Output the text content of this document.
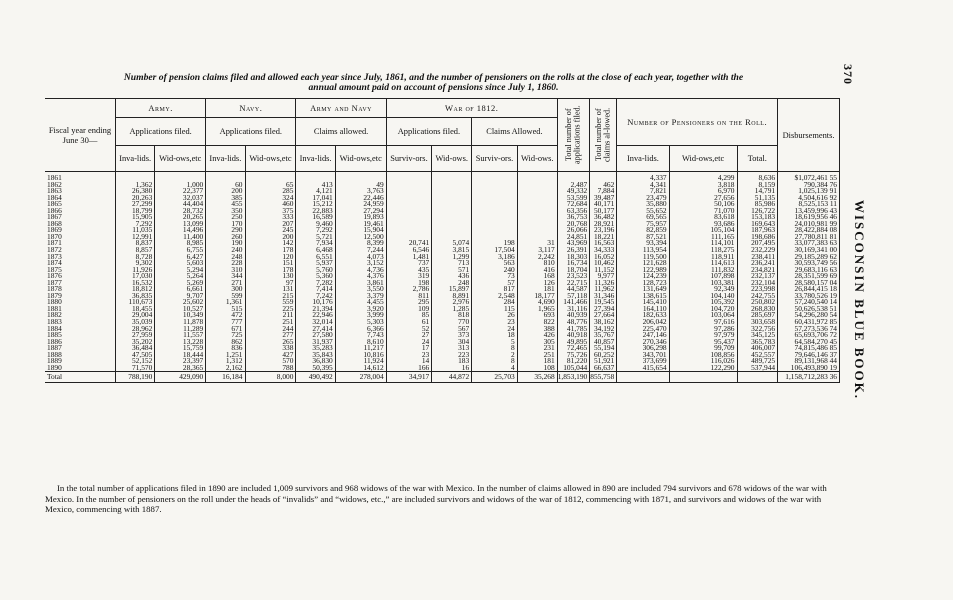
Number of pension claims filed and allowed each year since July, 1861, and the number of pensioners on the rolls at the close of each year, together with the
annual amount paid on account of pensions since July 1, 1860.
370
WISCONSIN BLUE BOOK.
Fiscal year ending June 30—	Army.		Navy.		Army and Navy		War of 1812.				Total number of applications filed.	Total number of claims al-lowed.	Number of Pensioners on the Roll.			Disbursements.
	Applications filed.		Applications filed.		Claims allowed.		Applications filed.		Claims Allowed.							
	Inva-lids.	Wid-ows,etc	Inva-lids.	Wid-ows,etc	Inva-lids.	Wid-ows,etc	Surviv-ors.	Wid-ows.	Surviv-ors.	Wid-ows.			Inva-lids.	Wid-ows,etc	Total.	
1861													4,337	4,299	8,636	$1,072,461 55
1862	1,362	1,000	60	65	413	49					2,487	462	4,341	3,818	8,159	790,384 76
1863	26,380	22,377	200	285	4,121	3,763					49,332	7,884	7,821	6,970	14,791	1,025,139 91
1864	20,263	32,037	385	324	17,041	22,446					53,599	39,487	23,479	27,656	51,135	4,504,616 92
1865	27,299	44,404	455	460	15,212	24,959					72,684	40,171	35,880	50,106	85,986	8,525,153 11
1866	18,799	28,732	350	375	22,883	27,294					63,356	50,177	55,652	71,070	126,722	13,459,996 43
1867	15,905	20,265	250	333	16,589	19,893					36,753	36,482	69,565	83,618	153,183	18,619,956 46
1868	7,292	13,099	170	207	9,460	19,461					20,768	28,921	75,957	93,686	169,643	24,010,981 99
1869	11,035	14,496	290	245	7,292	15,904					26,066	23,196	82,859	105,104	187,963	28,422,884 08
1870	12,991	11,400	260	200	5,721	12,500					24,851	18,221	87,521	111,165	198,686	27,780,811 81
1871	8,837	8,985	190	142	7,934	8,399	20,741	5,074	198	31	43,969	16,563	93,394	114,101	207,495	33,077,383 63
1872	8,857	6,755	240	178	6,468	7,244	6,546	3,815	17,504	3,117	26,391	34,333	113,954	118,275	232,229	30,169,341 00
1873	8,728	6,427	248	120	6,551	4,073	1,481	1,299	3,186	2,242	18,303	16,052	119,500	118,911	238,411	29,185,289 62
1874	9,302	5,603	228	151	5,937	3,152	737	713	563	810	16,734	10,462	121,628	114,613	236,241	30,593,749 56
1875	11,926	5,294	310	178	5,760	4,736	435	571	240	416	18,704	11,152	122,989	111,832	234,821	29,683,116 63
1876	17,030	5,264	344	130	5,360	4,376	319	436	73	168	23,523	9,977	124,239	107,898	232,137	28,351,599 69
1877	16,532	5,269	271	97	7,282	3,861	198	248	57	126	22,715	11,326	128,723	103,381	232,104	28,580,157 04
1878	18,812	6,661	300	131	7,414	3,550	2,786	15,897	817	181	44,587	11,962	131,649	92,349	223,998	26,844,415 18
1879	36,835	9,707	599	215	7,242	3,379	811	8,891	2,548	18,177	57,118	31,346	138,615	104,140	242,755	33,780,526 19
1880	110,673	25,602	1,361	559	10,176	4,455	295	2,976	284	4,690	141,466	19,545	145,410	105,392	250,802	57,240,540 14
1881	18,455	10,527	515	225	21,394	3,920	109	1,285	115	1,965	31,116	27,394	164,110	104,720	268,830	50,626,538 51
1882	29,004	10,349	472	211	22,946	3,999	85	818	26	693	40,939	27,664	182,633	103,064	285,697	54,296,280 54
1883	35,039	11,878	777	251	32,014	5,303	61	770	23	822	48,776	38,162	206,042	97,616	303,658	60,431,972 85
1884	28,962	11,289	671	244	27,414	6,366	52	567	24	388	41,785	34,192	225,470	97,286	322,756	57,273,536 74
1885	27,959	11,557	725	277	27,580	7,743	27	373	18	426	40,918	35,767	247,146	97,979	345,125	65,693,706 72
1886	35,202	13,228	862	265	31,937	8,610	24	304	5	305	49,895	40,857	270,346	95,437	365,783	64,584,270 45
1887	36,484	15,759	836	338	35,283	11,217	17	313	8	231	72,465	55,194	306,298	99,709	406,007	74,815,486 85
1888	47,505	18,444	1,251	427	35,843	10,816	23	223	2	251	75,726	60,252	343,701	108,856	452,557	79,646,146 37
1889	52,152	23,397	1,312	570	36,830	11,924	14	183	8	181	81,220	51,921	373,699	116,026	489,725	89,131,968 44
1890	71,570	28,365	2,162	788	50,395	14,612	166	16	4	108	105,044	66,637	415,654	122,290	537,944	106,493,890 19
Total	788,190	429,090	16,184	8,000	490,492	278,004	34,917	44,872	25,703	35,268	1,853,190	855,758				1,158,712,283 36
In the total number of applications filed in 1890 are included 1,009 survivors and 968 widows of the war with Mexico. In the number of claims allowed in 890 are included 794 survivors and 678 widows of the war with Mexico. In the number of pensioners on the roll under the heads of “invalids” and “widows, etc.,” are included survivors and widows of the war of 1812, commencing with 1871, and survivors and widows of the war with Mexico, commencing with 1887.
